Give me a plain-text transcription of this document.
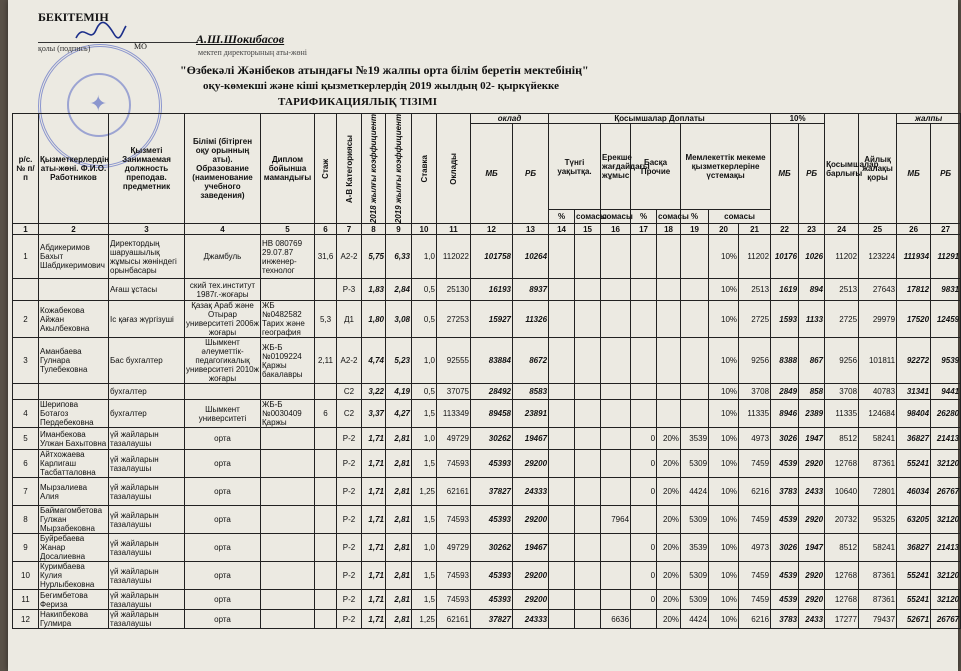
БЕКІТЕМІН
✦
қолы (подпись)	МО
А.Ш.Шокибасов
мектеп директорының аты-жөні
"Өзбекәлі Жәнібеков атындағы №19 жалпы орта білім беретін мектебінің"
оқу-көмекші және кіші қызметкерлердің 2019 жылдың 02- қыркүйекке
ТАРИФИКАЦИЯЛЫҚ ТІЗІМІ
р/с. № п/п	Қызметкерлердің аты-жөні. Ф.И.О. Работников	Қызметі Занимаемая должность преподав. предметник	Білімі (бітірген оқу орынның аты). Образование (наименование учебного заведения)	Диплом бойынша мамандығы	Стаж	А-В Категориясы	2018 жылғы коэффициент	2019 жылғы коэффициент	Ставка	Оклады	оклад		Қосымшалар Доплаты								10%		Қосымшалар барлығы	Айлық жалақы қоры	жалпы	
											МБ	РБ	Түнгі уақытқа.		Ерекше жағдайдағы жұмыс	Басқа Прочие		Мемлекеттік мекеме қызметкерлеріне үстемақы			МБ	РБ			МБ	РБ
													%	сомасы	сомасы	%	сомасы	%	сомасы							
1	2	3	4	5	6	7	8	9	10	11	12	13	14	15	16	17	18	19	20	21	22	23	24	25	26	27
1	Абдикеримов Бахыт Шабдикеримович	Директордың шаруашылық жұмысы жөніндегі орынбасары	Джамбуль	НВ 080769 29.07.87 инженер-технолог	31,6	А2-2	5,75	6,33	1,0	112022	101758	10264							10%	11202	10176	1026	11202	123224	111934	11291
		Ағаш ұстасы	ский тех.институт 1987г.-жоғары			Р-3	1,83	2,84	0,5	25130	16193	8937							10%	2513	1619	894	2513	27643	17812	9831
2	Кожабекова Айжан Акылбековна	Іс қағаз жүргізуші	Қазақ Араб және Отырар университеті 2006ж жоғары	ЖБ №0482582 Тарих және география	5,3	Д1	1,80	3,08	0,5	27253	15927	11326							10%	2725	1593	1133	2725	29979	17520	12459
3	Аманбаева Гулнара Тулебековна	Бас бухгалтер	Шымкент әлеуметтік-педагогикалық университеті 2010ж жоғары	ЖБ-Б №0109224 Қаржы бакалавры	2,11	А2-2	4,74	5,23	1,0	92555	83884	8672							10%	9256	8388	867	9256	101811	92272	9539
		бухгалтер				С2	3,22	4,19	0,5	37075	28492	8583							10%	3708	2849	858	3708	40783	31341	9441
4	Шерипова Ботагоз Пердебековна	бухгалтер	Шымкент университеті	ЖБ-Б №0030409 Қаржы	6	С2	3,37	4,27	1,5	113349	89458	23891							10%	11335	8946	2389	11335	124684	98404	26280
5	Иманбекова Улжан Бахытовна	үй жайларын тазалаушы	орта			Р-2	1,71	2,81	1,0	49729	30262	19467				0	20%	3539	10%	4973	3026	1947	8512	58241	36827	21413
6	Айтхожаева Карлигаш Тасбатталовна	үй жайларын тазалаушы	орта			Р-2	1,71	2,81	1,5	74593	45393	29200				0	20%	5309	10%	7459	4539	2920	12768	87361	55241	32120
7	Мырзалиева Алия	үй жайларын тазалаушы	орта			Р-2	1,71	2,81	1,25	62161	37827	24333				0	20%	4424	10%	6216	3783	2433	10640	72801	46034	26767
8	Баймагомбетова Гулжан Мырзабековна	үй жайларын тазалаушы	орта			Р-2	1,71	2,81	1,5	74593	45393	29200			7964		20%	5309	10%	7459	4539	2920	20732	95325	63205	32120
9	Буйребаева Жанар Досалиевна	үй жайларын тазалаушы	орта			Р-2	1,71	2,81	1,0	49729	30262	19467				0	20%	3539	10%	4973	3026	1947	8512	58241	36827	21413
10	Куримбаева Кулия Нурлыбековна	үй жайларын тазалаушы	орта			Р-2	1,71	2,81	1,5	74593	45393	29200				0	20%	5309	10%	7459	4539	2920	12768	87361	55241	32120
11	Бегимбетова Фериза	үй жайларын тазалаушы	орта			Р-2	1,71	2,81	1,5	74593	45393	29200				0	20%	5309	10%	7459	4539	2920	12768	87361	55241	32120
12	Накипбекова Гулмира	үй жайларын тазалаушы	орта			Р-2	1,71	2,81	1,25	62161	37827	24333			6636		20%	4424	10%	6216	3783	2433	17277	79437	52671	26767
